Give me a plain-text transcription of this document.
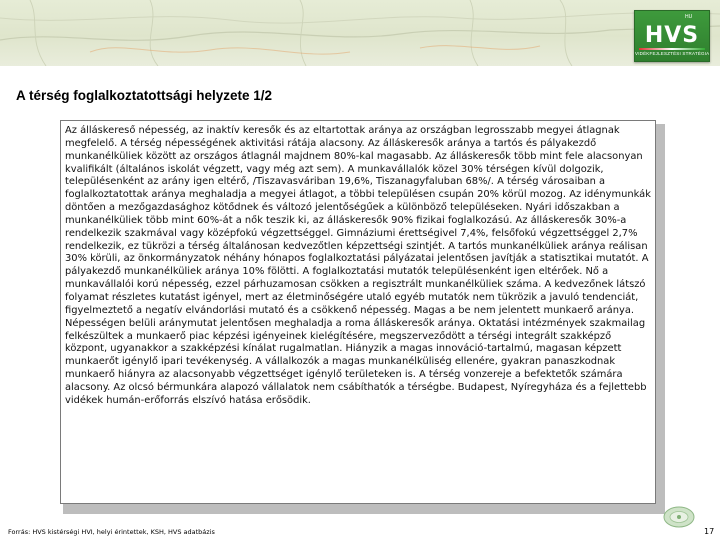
HU
HVS
VIDÉKFEJLESZTÉSI STRATÉGIA
A térség foglalkoztatottsági helyzete 1/2

Az álláskereső népesség, az inaktív keresők és az eltartottak aránya az országban legrosszabb megyei átlagnak megfelelő. A térség népességének aktivitási rátája alacsony. Az álláskeresők aránya a tartós és pályakezdő munkanélküliek között az országos átlagnál majdnem 80%-kal magasabb. Az álláskeresők több mint fele alacsonyan kvalifikált (általános iskolát végzett, vagy még azt sem). A munkavállalók közel 30% térségen kívül dolgozik, településenként az arány igen eltérő, /Tiszavasváriban 19,6%, Tiszanagyfaluban 68%/. A térség városaiban a foglalkoztatottak aránya meghaladja a megyei átlagot, a többi településen csupán 20% körül mozog. Az idénymunkák döntően a mezőgazdasághoz kötődnek és változó jelentőségűek a különböző településeken. Nyári időszakban a munkanélküliek több mint 60%-át a nők teszik ki, az álláskeresők 90% fizikai foglalkozású. Az álláskeresők 30%-a rendelkezik szakmával vagy középfokú végzettséggel. Gimnáziumi érettségivel 7,4%, felsőfokú végzettséggel 2,7% rendelkezik, ez tükrözi a térség általánosan kedvezőtlen képzettségi szintjét. A tartós munkanélküliek aránya reálisan 30% körüli, az önkormányzatok néhány hónapos foglalkoztatási pályázatai jelentősen javítják a statisztikai mutatót. A pályakezdő munkanélküliek aránya 10% fölötti. A foglalkoztatási mutatók településenként igen eltérőek. Nő a munkavállalói korú népesség, ezzel párhuzamosan csökken a regisztrált munkanélküliek száma. A kedvezőnek látszó folyamat részletes kutatást igényel, mert az életminőségére utaló egyéb mutatók nem tükrözik a javuló tendenciát, figyelmeztető a negatív elvándorlási mutató és a csökkenő népesség. Magas a be nem jelentett munkaerő aránya. Népességen belüli aránymutat jelentősen meghaladja a roma álláskeresők aránya. Oktatási intézmények szakmailag felkészültek a munkaerő piac képzési igényeinek kielégítésére, megszerveződött a térségi integrált szakképző központ, ugyanakkor a szakképzési kínálat rugalmatlan. Hiányzik a magas innováció-tartalmú, magasan képzett munkaerőt igénylő ipari tevékenység. A vállalkozók a magas munkanélküliség ellenére, gyakran panaszkodnak munkaerő hiányra az alacsonyabb végzettséget igénylő területeken is. A térség vonzereje a befektetők számára alacsony. Az olcsó bérmunkára alapozó vállalatok nem csábíthatók a térségbe. Budapest, Nyíregyháza és a fejlettebb vidékek humán-erőforrás elszívó hatása erősödik.

Forrás: HVS kistérségi HVI, helyi érintettek, KSH, HVS adatbázis	17
